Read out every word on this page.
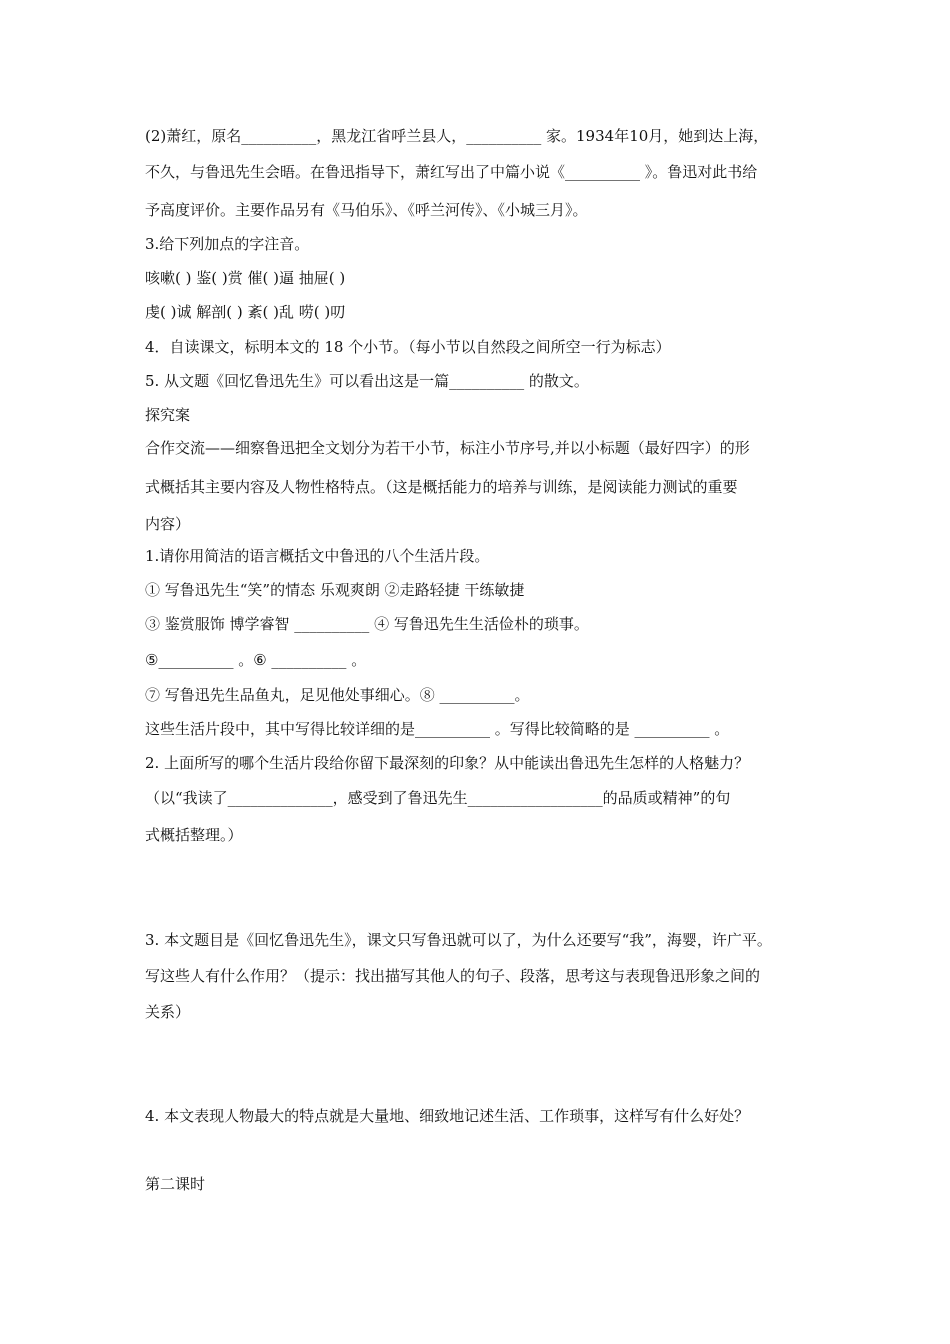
(2)萧红，原名__________，黑龙江省呼兰县人，__________ 家。1934年10月，她到达上海，
不久，与鲁迅先生会晤。在鲁迅指导下，萧红写出了中篇小说《__________ 》。鲁迅对此书给
予高度评价。主要作品另有《马伯乐》、《呼兰河传》、《小城三月》。
3.给下列加点的字注音。
咳嗽( ) 鉴( )赏 催( )逼 抽屉( )
虔( )诚 解剖( ) 紊( )乱 唠( )叨
4．自读课文，标明本文的 18 个小节。（每小节以自然段之间所空一行为标志）
5. 从文题《回忆鲁迅先生》可以看出这是一篇__________ 的散文。
探究案
合作交流——细察鲁迅把全文划分为若干小节，标注小节序号,并以小标题（最好四字）的形
式概括其主要内容及人物性格特点。（这是概括能力的培养与训练，是阅读能力测试的重要
内容）
1.请你用简洁的语言概括文中鲁迅的八个生活片段。
① 写鲁迅先生“笑”的情态 乐观爽朗 ②走路轻捷 干练敏捷
③ 鉴赏服饰 博学睿智 __________ ④ 写鲁迅先生生活俭朴的琐事。
⑤__________ 。⑥ __________ 。
⑦ 写鲁迅先生品鱼丸，足见他处事细心。⑧ __________。
这些生活片段中，其中写得比较详细的是__________ 。写得比较简略的是 __________ 。
2. 上面所写的哪个生活片段给你留下最深刻的印象？从中能读出鲁迅先生怎样的人格魅力？
（以“我读了______________，感受到了鲁迅先生__________________的品质或精神”的句
式概括整理。）
3. 本文题目是《回忆鲁迅先生》，课文只写鲁迅就可以了，为什么还要写“我”，海婴，许广平。
写这些人有什么作用？（提示：找出描写其他人的句子、段落，思考这与表现鲁迅形象之间的
关系）
4. 本文表现人物最大的特点就是大量地、细致地记述生活、工作琐事，这样写有什么好处？
第二课时
